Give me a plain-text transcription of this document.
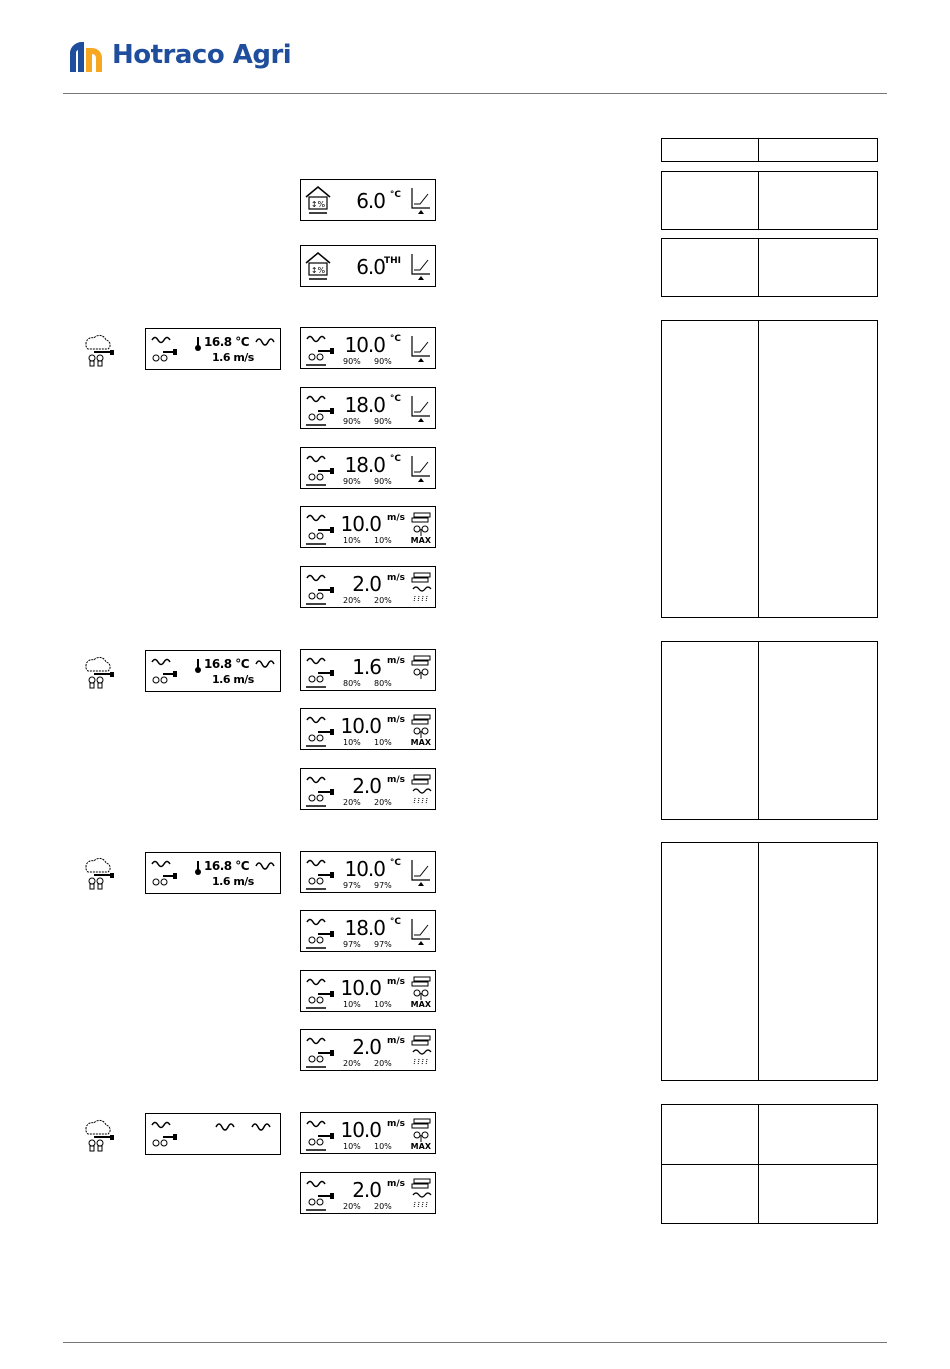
Hotraco Agri
16.8 °C
1.6 m/s
16.8 °C
1.6 m/s
16.8 °C
1.6 m/s
↕% 6.0 °C
↕% 6.0
THI
10.0 °C
90% 90%
18.0 °C
90% 90%
18.0 °C
90% 90%
10.0 m/s
10% 10% MAX
2.0 m/s
20% 20%
1.6 m/s
80% 80%
10.0 m/s
10% 10% MAX
2.0 m/s
20% 20%
10.0 °C
97% 97%
18.0 °C
97% 97%
10.0 m/s
10% 10% MAX
2.0 m/s
20% 20%
10.0 m/s
10% 10% MAX
2.0 m/s
20% 20%
